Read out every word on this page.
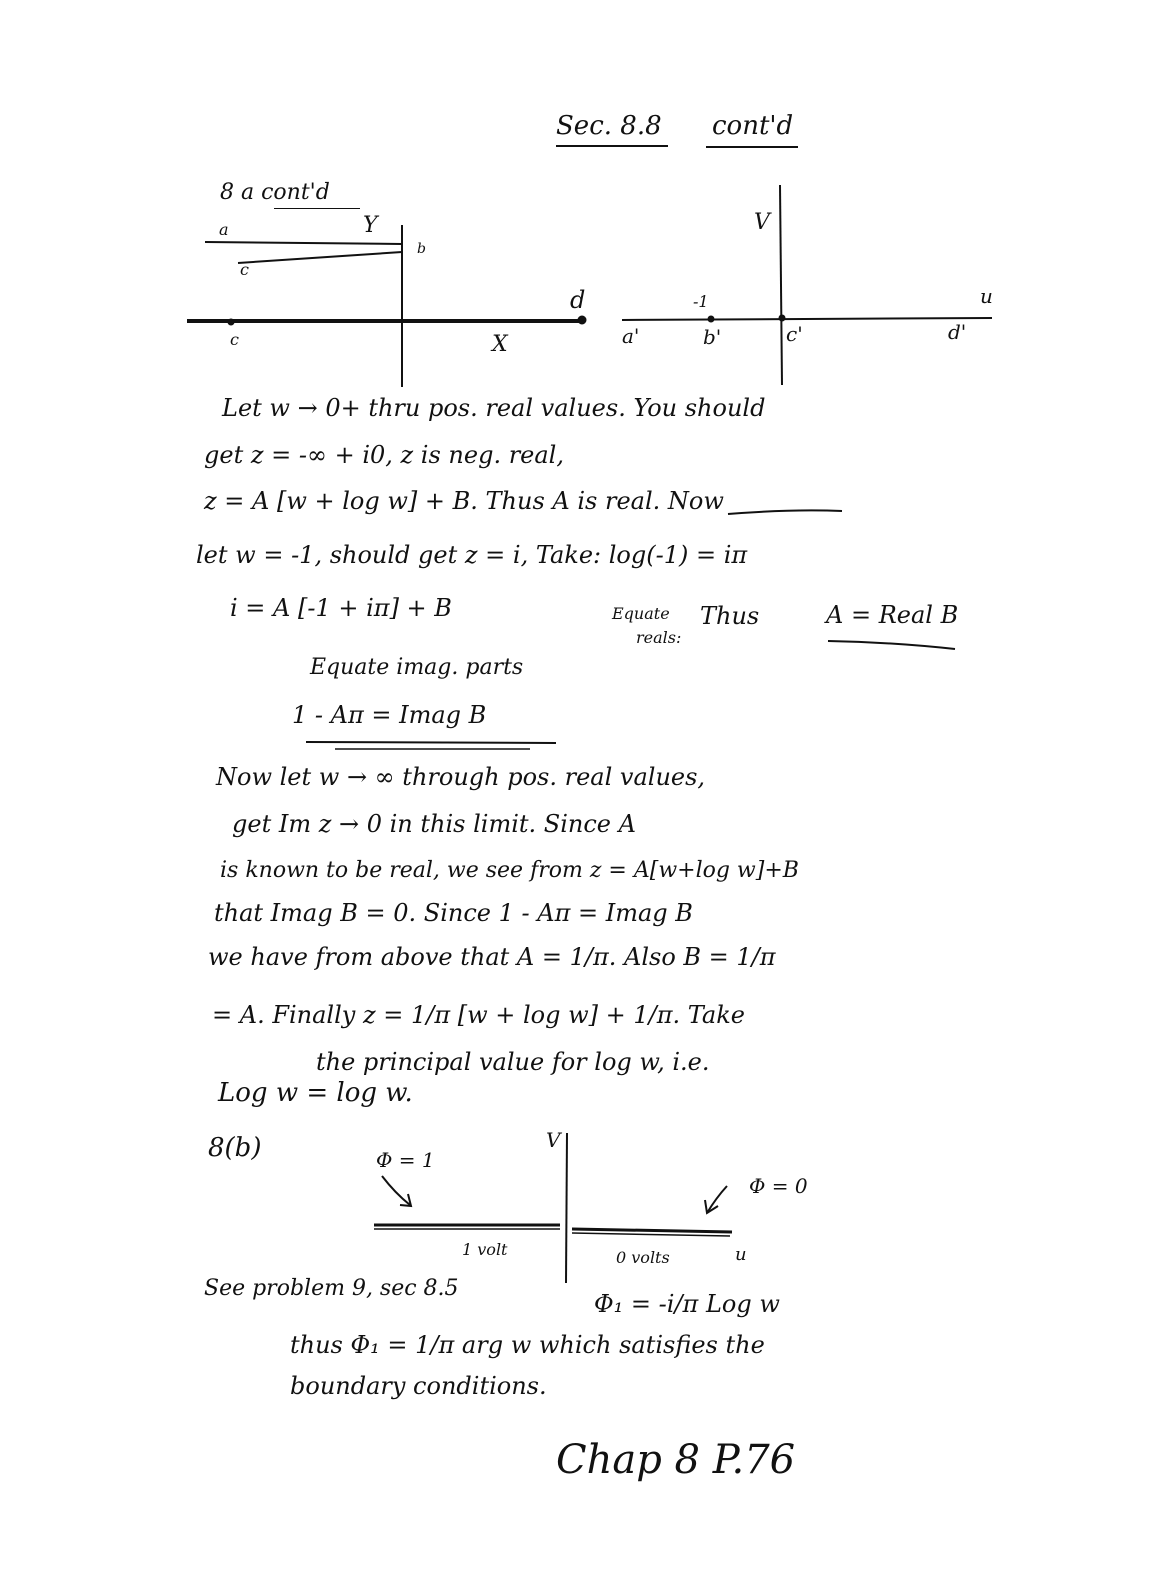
Sec. 8.8 cont'd
8 a cont'd
a	Y
b
c
d
c	X
V
u
-1
a'	b'	c'	d'
Let w → 0+ thru pos. real values. You should
get z = -∞ + i0, z is neg. real,
z = A [w + log w] + B. Thus A is real. Now
let w = -1, should get z = i, Take: log(-1) = iπ
i = A [-1 + iπ] + B	Equate
reals:
Thus	A = Real B
Equate imag. parts
1 - Aπ = Imag B
Now let w → ∞ through pos. real values,
get Im z → 0 in this limit. Since A
is known to be real, we see from z = A[w+log w]+B
that Imag B = 0. Since 1 - Aπ = Imag B
we have from above that A = 1/π. Also B = 1/π
= A. Finally z = 1/π [w + log w] + 1/π. Take
the principal value for log w, i.e.
Log w = log w.
8(b)	V
Φ = 1
Φ = 0
1 volt	0 volts	u
See problem 9, sec 8.5
Φ₁ = -i/π Log w
thus Φ₁ = 1/π arg w which satisfies the
boundary conditions.
Chap 8 P.76
